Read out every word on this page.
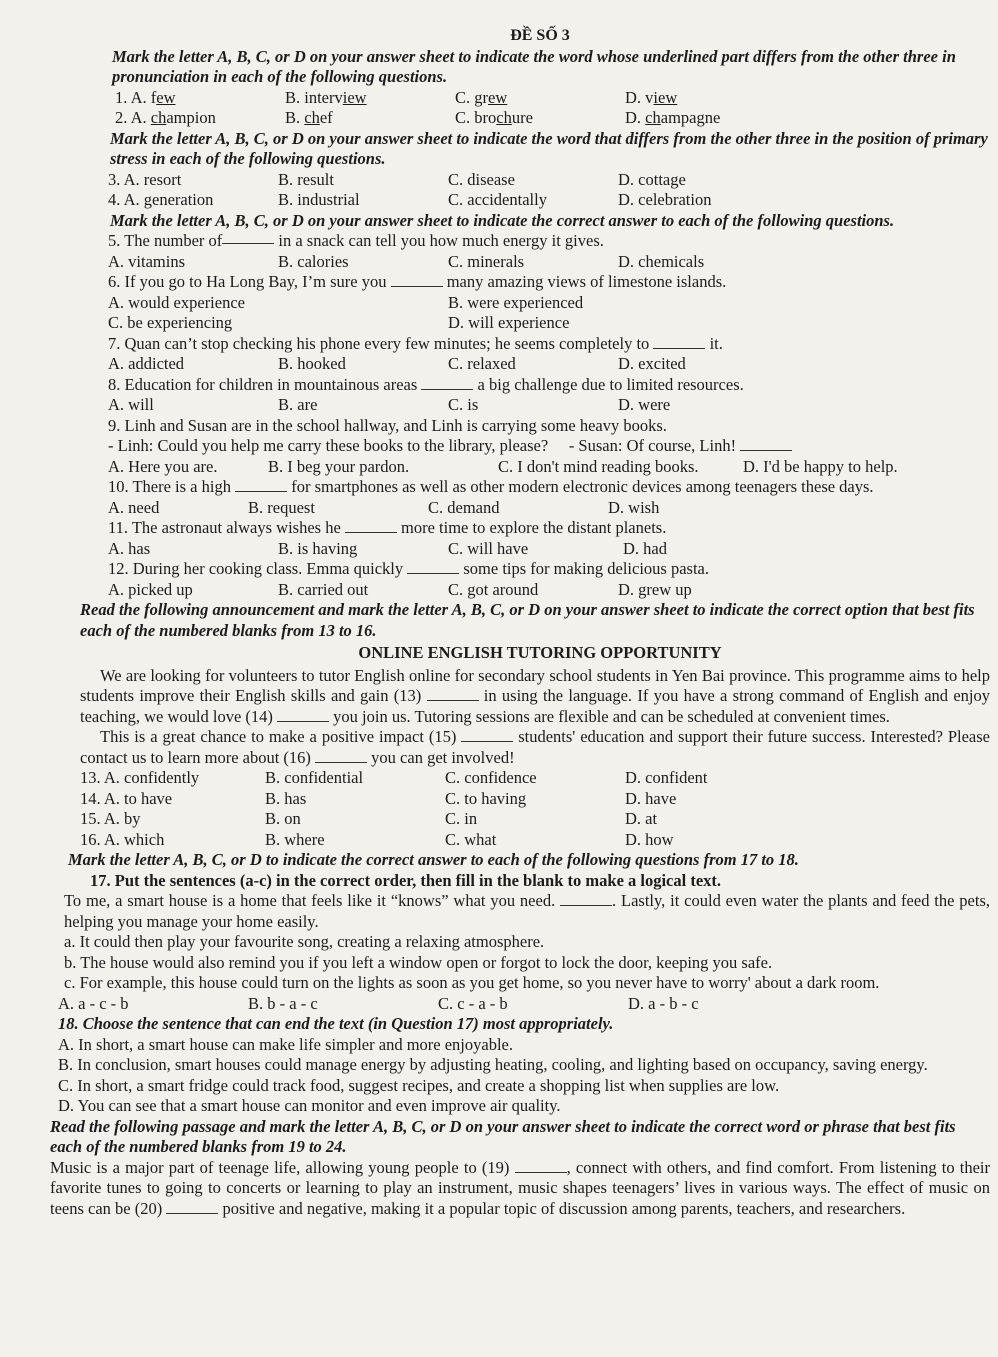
ĐỀ SỐ 3
Mark the letter A, B, C, or D on your answer sheet to indicate the word whose underlined part differs from the other three in pronunciation in each of the following questions.
1. A. few	B. interview	C. grew	D. view
2. A. champion	B. chef	C. brochure	D. champagne
Mark the letter A, B, C, or D on your answer sheet to indicate the word that differs from the other three in the position of primary stress in each of the following questions.
3. A. resort	B. result	C. disease	D. cottage
4. A. generation	B. industrial	C. accidentally	D. celebration
Mark the letter A, B, C, or D on your answer sheet to indicate the correct answer to each of the following questions.
5. The number of	in a snack can tell you how much energy it gives.
A. vitamins	B. calories	C. minerals	D. chemicals
6. If you go to Ha Long Bay, I’m sure you	many amazing views of limestone islands.
A. would experience	B. were experienced
C. be experiencing	D. will experience
7. Quan can’t stop checking his phone every few minutes; he seems completely to	it.
A. addicted	B. hooked	C. relaxed	D. excited
8. Education for children in mountainous areas	a big challenge due to limited resources.
A. will	B. are	C. is	D. were
9. Linh and Susan are in the school hallway, and Linh is carrying some heavy books.
- Linh: Could you help me carry these books to the library, please? - Susan: Of course, Linh!
A. Here you are.	B. I beg your pardon.	C. I don't mind reading books.	D. I'd be happy to help.
10. There is a high	for smartphones as well as other modern electronic devices among teenagers these days.
A. need	B. request	C. demand	D. wish
11. The astronaut always wishes he	more time to explore the distant planets.
A. has	B. is having	C. will have	D. had
12. During her cooking class. Emma quickly	some tips for making delicious pasta.
A. picked up	B. carried out	C. got around	D. grew up
Read the following announcement and mark the letter A, B, C, or D on your answer sheet to indicate the correct option that best fits each of the numbered blanks from 13 to 16.
ONLINE ENGLISH TUTORING OPPORTUNITY
We are looking for volunteers to tutor English online for secondary school students in Yen Bai province. This programme aims to help students improve their English skills and gain (13)	in using the language. If you have a strong command of English and enjoy teaching, we would love (14)	you join us. Tutoring sessions are flexible and can be scheduled at convenient times.
This is a great chance to make a positive impact (15)	students' education and support their future success. Interested? Please contact us to learn more about (16)	you can get involved!
13. A. confidently	B. confidential	C. confidence	D. confident
14. A. to have	B. has	C. to having	D. have
15. A. by	B. on	C. in	D. at
16. A. which	B. where	C. what	D. how
Mark the letter A, B, C, or D to indicate the correct answer to each of the following questions from 17 to 18.
17. Put the sentences (a-c) in the correct order, then fill in the blank to make a logical text.
To me, a smart house is a home that feels like it “knows” what you need.	. Lastly, it could even water the plants and feed the pets, helping you manage your home easily.
a. It could then play your favourite song, creating a relaxing atmosphere.
b. The house would also remind you if you left a window open or forgot to lock the door, keeping you safe.
c. For example, this house could turn on the lights as soon as you get home, so you never have to worry' about a dark room.
A. a - c - b	B. b - a - c	C. c - a - b	D. a - b - c
18. Choose the sentence that can end the text (in Question 17) most appropriately.
A. In short, a smart house can make life simpler and more enjoyable.
B. In conclusion, smart houses could manage energy by adjusting heating, cooling, and lighting based on occupancy, saving energy.
C. In short, a smart fridge could track food, suggest recipes, and create a shopping list when supplies are low.
D. You can see that a smart house can monitor and even improve air quality.
Read the following passage and mark the letter A, B, C, or D on your answer sheet to indicate the correct word or phrase that best fits each of the numbered blanks from 19 to 24.
Music is a major part of teenage life, allowing young people to (19)	, connect with others, and find comfort. From listening to their favorite tunes to going to concerts or learning to play an instrument, music shapes teenagers’ lives in various ways. The effect of music on teens can be (20)	positive and negative, making it a popular topic of discussion among parents, teachers, and researchers.
